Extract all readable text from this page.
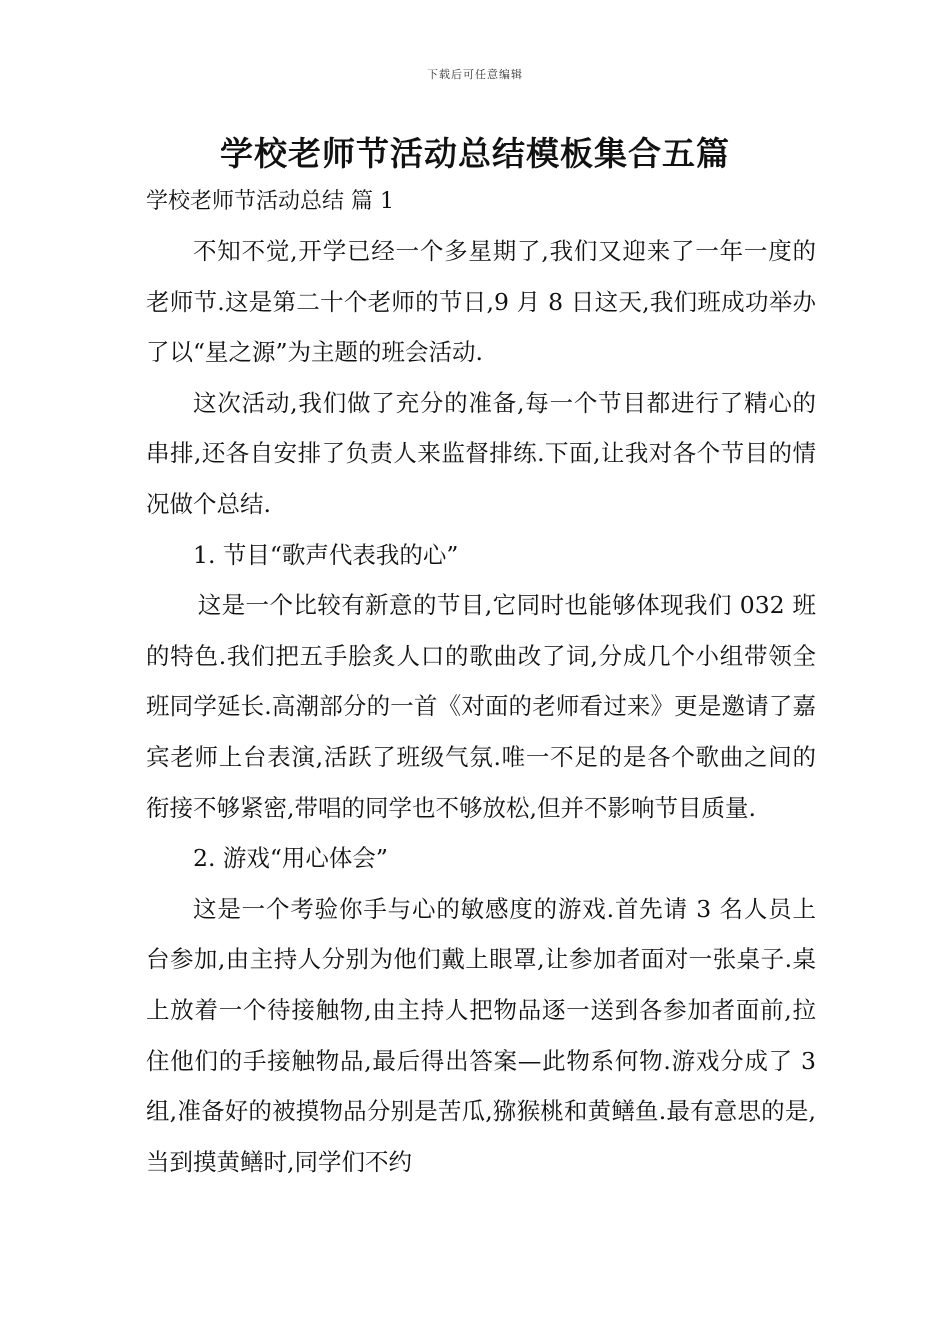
下载后可任意编辑
学校老师节活动总结模板集合五篇
学校老师节活动总结 篇 1

不知不觉,开学已经一个多星期了,我们又迎来了一年一度的老师节.这是第二十个老师的节日,9 月 8 日这天,我们班成功举办了以“星之源”为主题的班会活动.

这次活动,我们做了充分的准备,每一个节目都进行了精心的串排,还各自安排了负责人来监督排练.下面,让我对各个节目的情况做个总结.

1. 节目“歌声代表我的心”

这是一个比较有新意的节目,它同时也能够体现我们 032 班的特色.我们把五手脍炙人口的歌曲改了词,分成几个小组带领全班同学延长.高潮部分的一首《对面的老师看过来》更是邀请了嘉宾老师上台表演,活跃了班级气氛.唯一不足的是各个歌曲之间的衔接不够紧密,带唱的同学也不够放松,但并不影响节目质量.

2. 游戏“用心体会”

这是一个考验你手与心的敏感度的游戏.首先请 3 名人员上台参加,由主持人分别为他们戴上眼罩,让参加者面对一张桌子.桌上放着一个待接触物,由主持人把物品逐一送到各参加者面前,拉住他们的手接触物品,最后得出答案—此物系何物.游戏分成了 3 组,准备好的被摸物品分别是苦瓜,猕猴桃和黄鳝鱼.最有意思的是,当到摸黄鳝时,同学们不约
